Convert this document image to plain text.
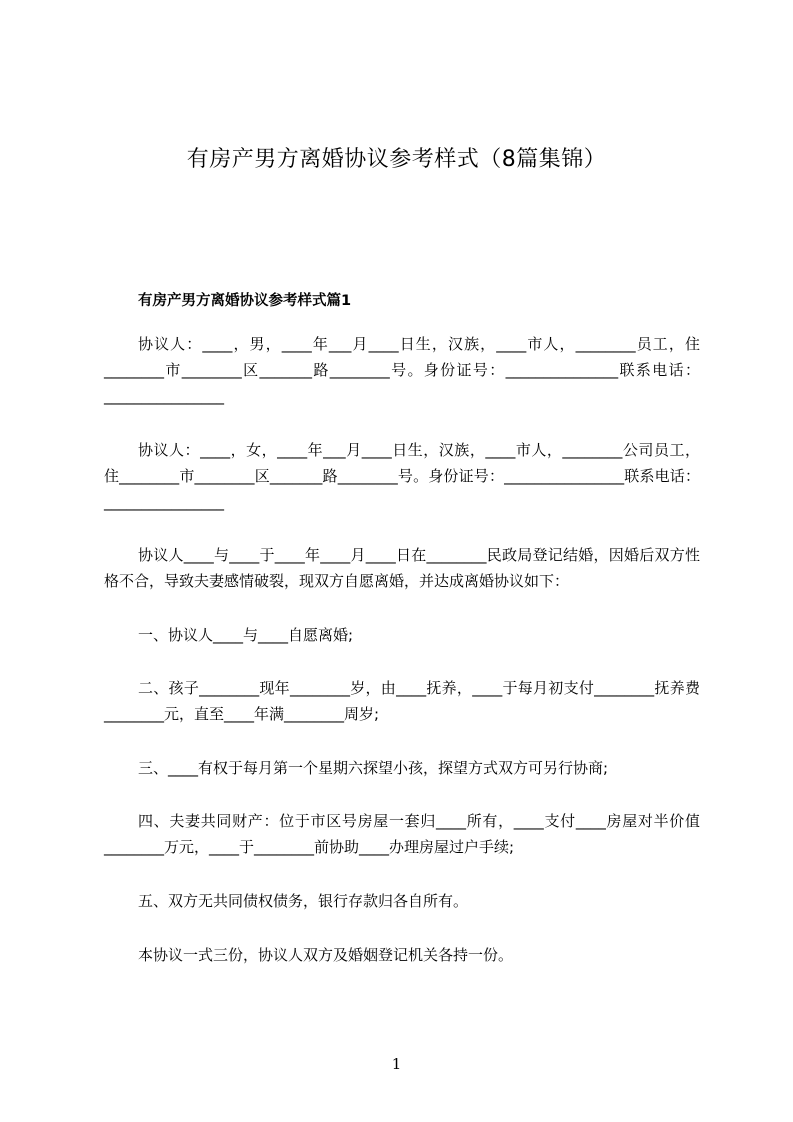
有房产男方离婚协议参考样式（8篇集锦）
有房产男方离婚协议参考样式篇1

协议人：____，男，____年___月____日生，汉族，____市人，________员工，住________市________区_______路________号。身份证号：_______________联系电话：________________

协议人：____，女，____年___月____日生，汉族，____市人，________公司员工，住________市________区_______路________号。身份证号：________________联系电话：________________

协议人____与____于____年____月____日在________民政局登记结婚，因婚后双方性格不合，导致夫妻感情破裂，现双方自愿离婚，并达成离婚协议如下：

一、协议人____与____自愿离婚;

二、孩子________现年________岁，由____抚养，____于每月初支付________抚养费________元，直至____年满________周岁;

三、____有权于每月第一个星期六探望小孩，探望方式双方可另行协商;

四、夫妻共同财产：位于市区号房屋一套归____所有，____支付____房屋对半价值________万元，____于________前协助____办理房屋过户手续;

五、双方无共同债权债务，银行存款归各自所有。

本协议一式三份，协议人双方及婚姻登记机关各持一份。

1
